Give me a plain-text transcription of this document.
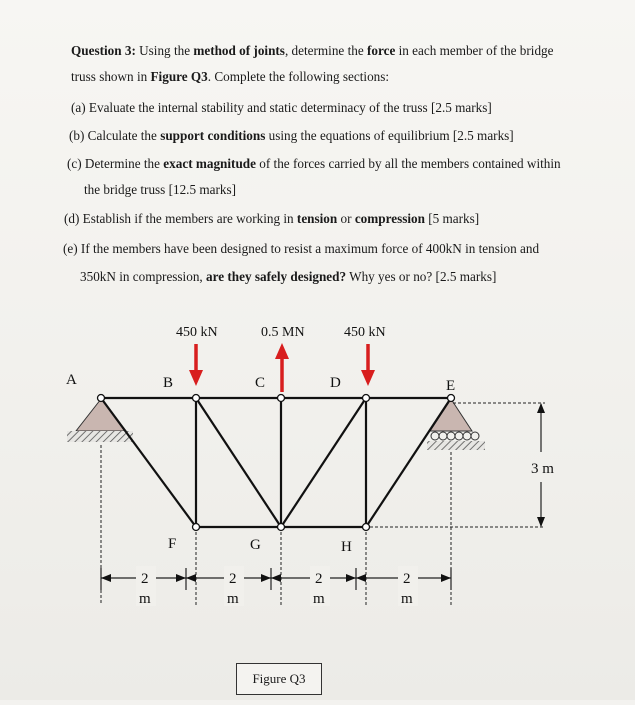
Question 3: Using the method of joints, determine the force in each member of the bridge
truss shown in Figure Q3. Complete the following sections:
(a) Evaluate the internal stability and static determinacy of the truss [2.5 marks]
(b) Calculate the support conditions using the equations of equilibrium [2.5 marks]
(c) Determine the exact magnitude of the forces carried by all the members contained within
the bridge truss [12.5 marks]
(d) Establish if the members are working in tension or compression [5 marks]
(e) If the members have been designed to resist a maximum force of 400kN in tension and
350kN in compression, are they safely designed? Why yes or no? [2.5 marks]
450 kN	0.5 MN	450 kN
A	B	C	D	E
3 m
F	G	H
2
m
2
m
2
m
2
m
Figure Q3
